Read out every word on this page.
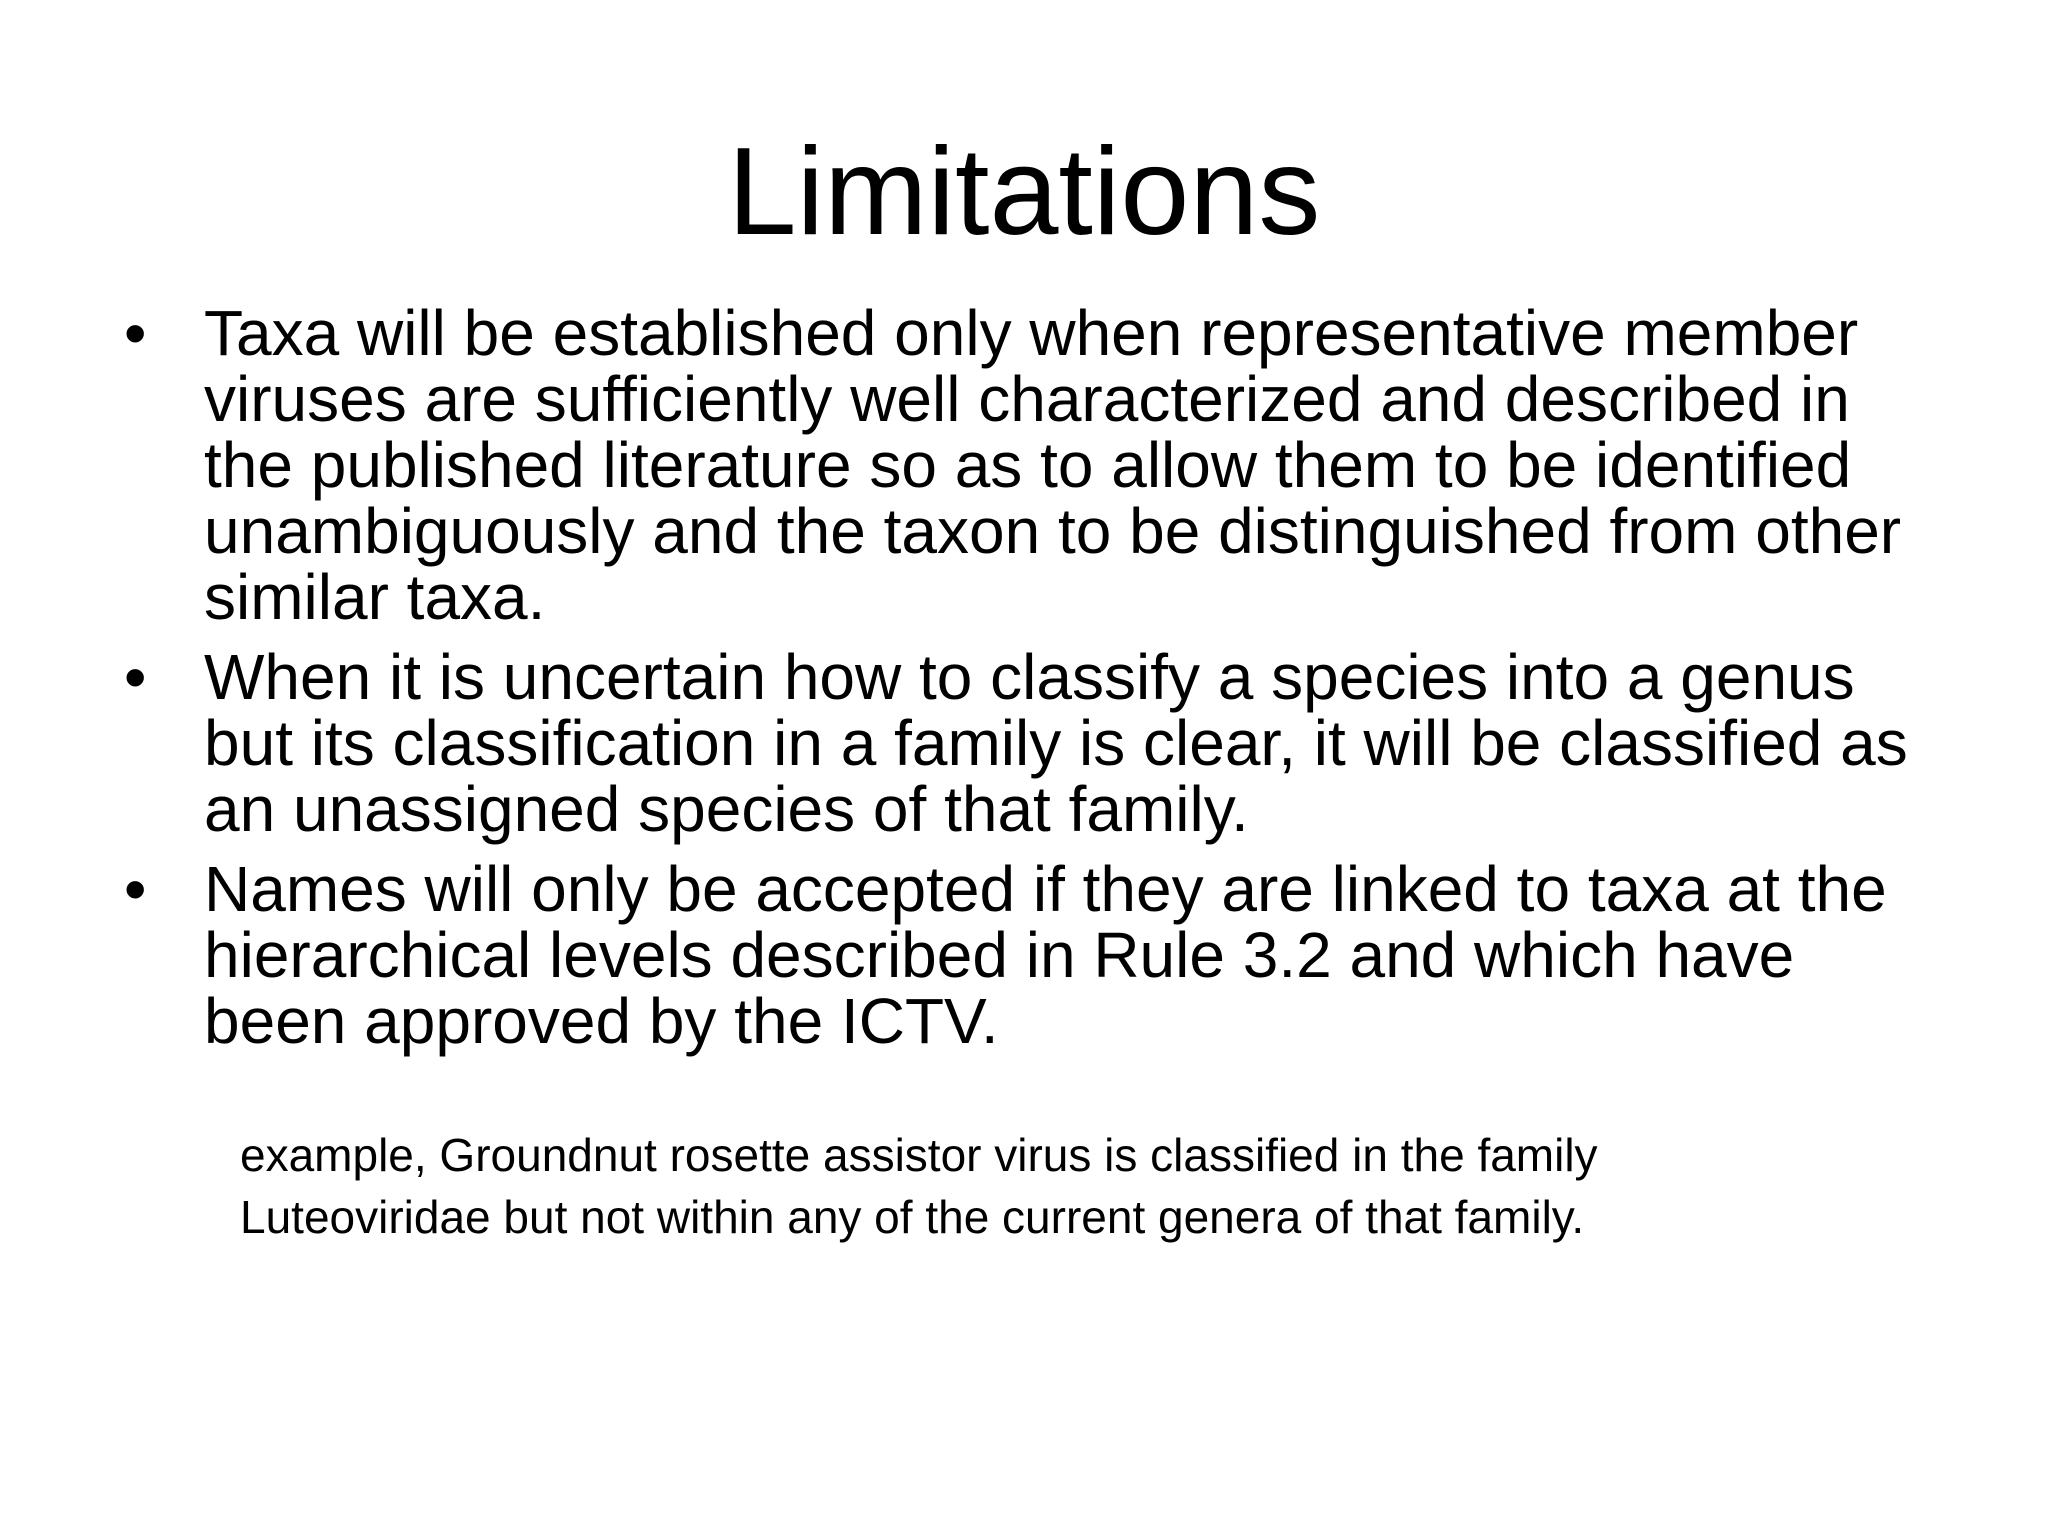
Limitations
• Taxa will be established only when representative member viruses are sufficiently well characterized and described in the published literature so as to allow them to be identified unambiguously and the taxon to be distinguished from other similar taxa.
• When it is uncertain how to classify a species into a genus but its classification in a family is clear, it will be classified as an unassigned species of that family.
• Names will only be accepted if they are linked to taxa at the hierarchical levels described in Rule 3.2 and which have been approved by the ICTV.

example, Groundnut rosette assistor virus is classified in the family Luteoviridae but not within any of the current genera of that family.
